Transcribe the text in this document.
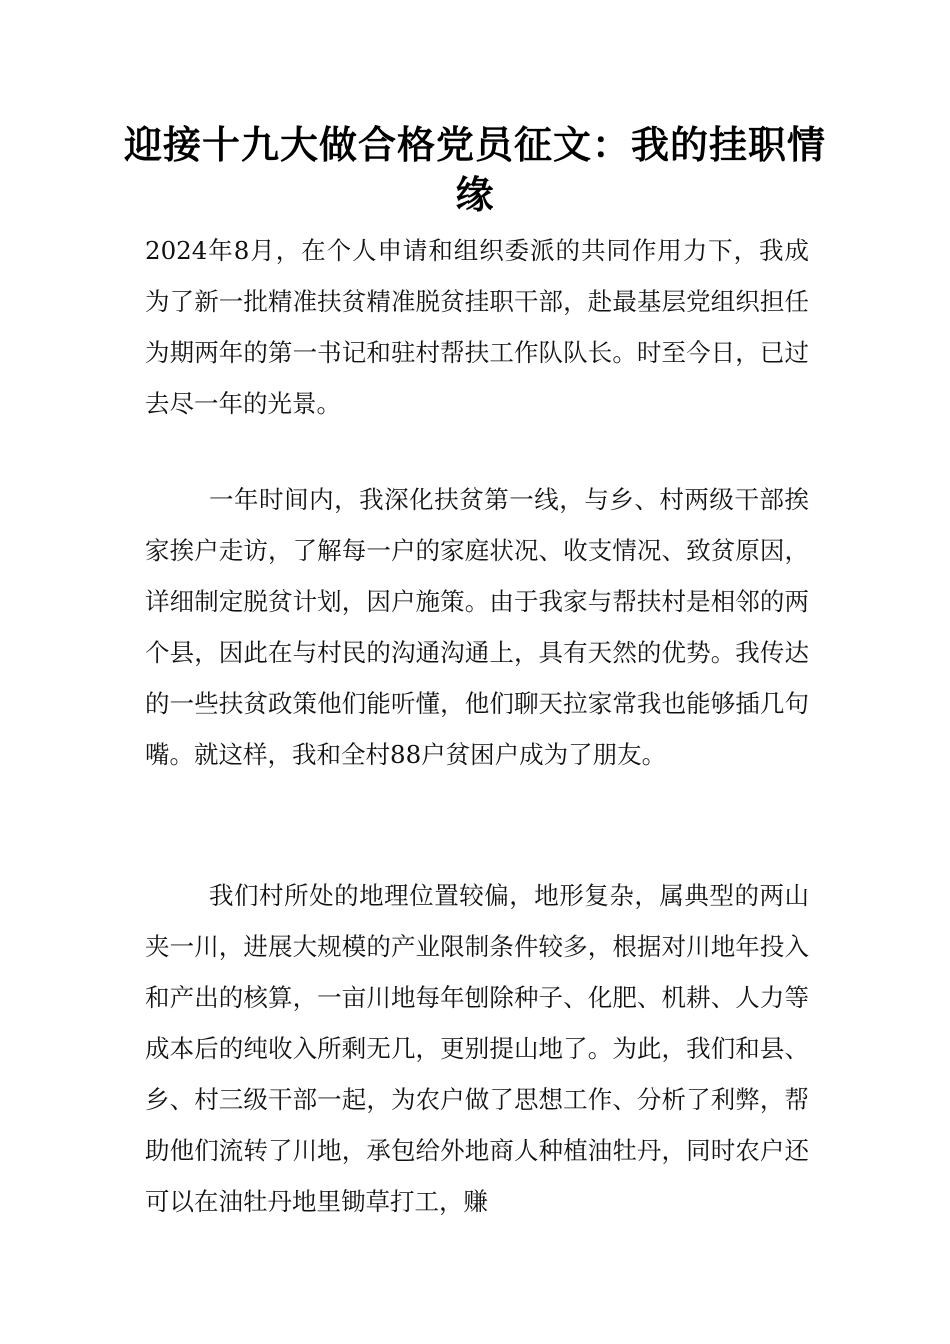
迎接十九大做合格党员征文：我的挂职情缘

2024年8月，在个人申请和组织委派的共同作用力下，我成为了新一批精准扶贫精准脱贫挂职干部，赴最基层党组织担任为期两年的第一书记和驻村帮扶工作队队长。时至今日，已过去尽一年的光景。

一年时间内，我深化扶贫第一线，与乡、村两级干部挨家挨户走访，了解每一户的家庭状况、收支情况、致贫原因，详细制定脱贫计划，因户施策。由于我家与帮扶村是相邻的两个县，因此在与村民的沟通沟通上，具有天然的优势。我传达的一些扶贫政策他们能听懂，他们聊天拉家常我也能够插几句嘴。就这样，我和全村88户贫困户成为了朋友。

我们村所处的地理位置较偏，地形复杂，属典型的两山夹一川，进展大规模的产业限制条件较多，根据对川地年投入和产出的核算，一亩川地每年刨除种子、化肥、机耕、人力等成本后的纯收入所剩无几，更别提山地了。为此，我们和县、乡、村三级干部一起，为农户做了思想工作、分析了利弊，帮助他们流转了川地，承包给外地商人种植油牡丹，同时农户还可以在油牡丹地里锄草打工，赚
